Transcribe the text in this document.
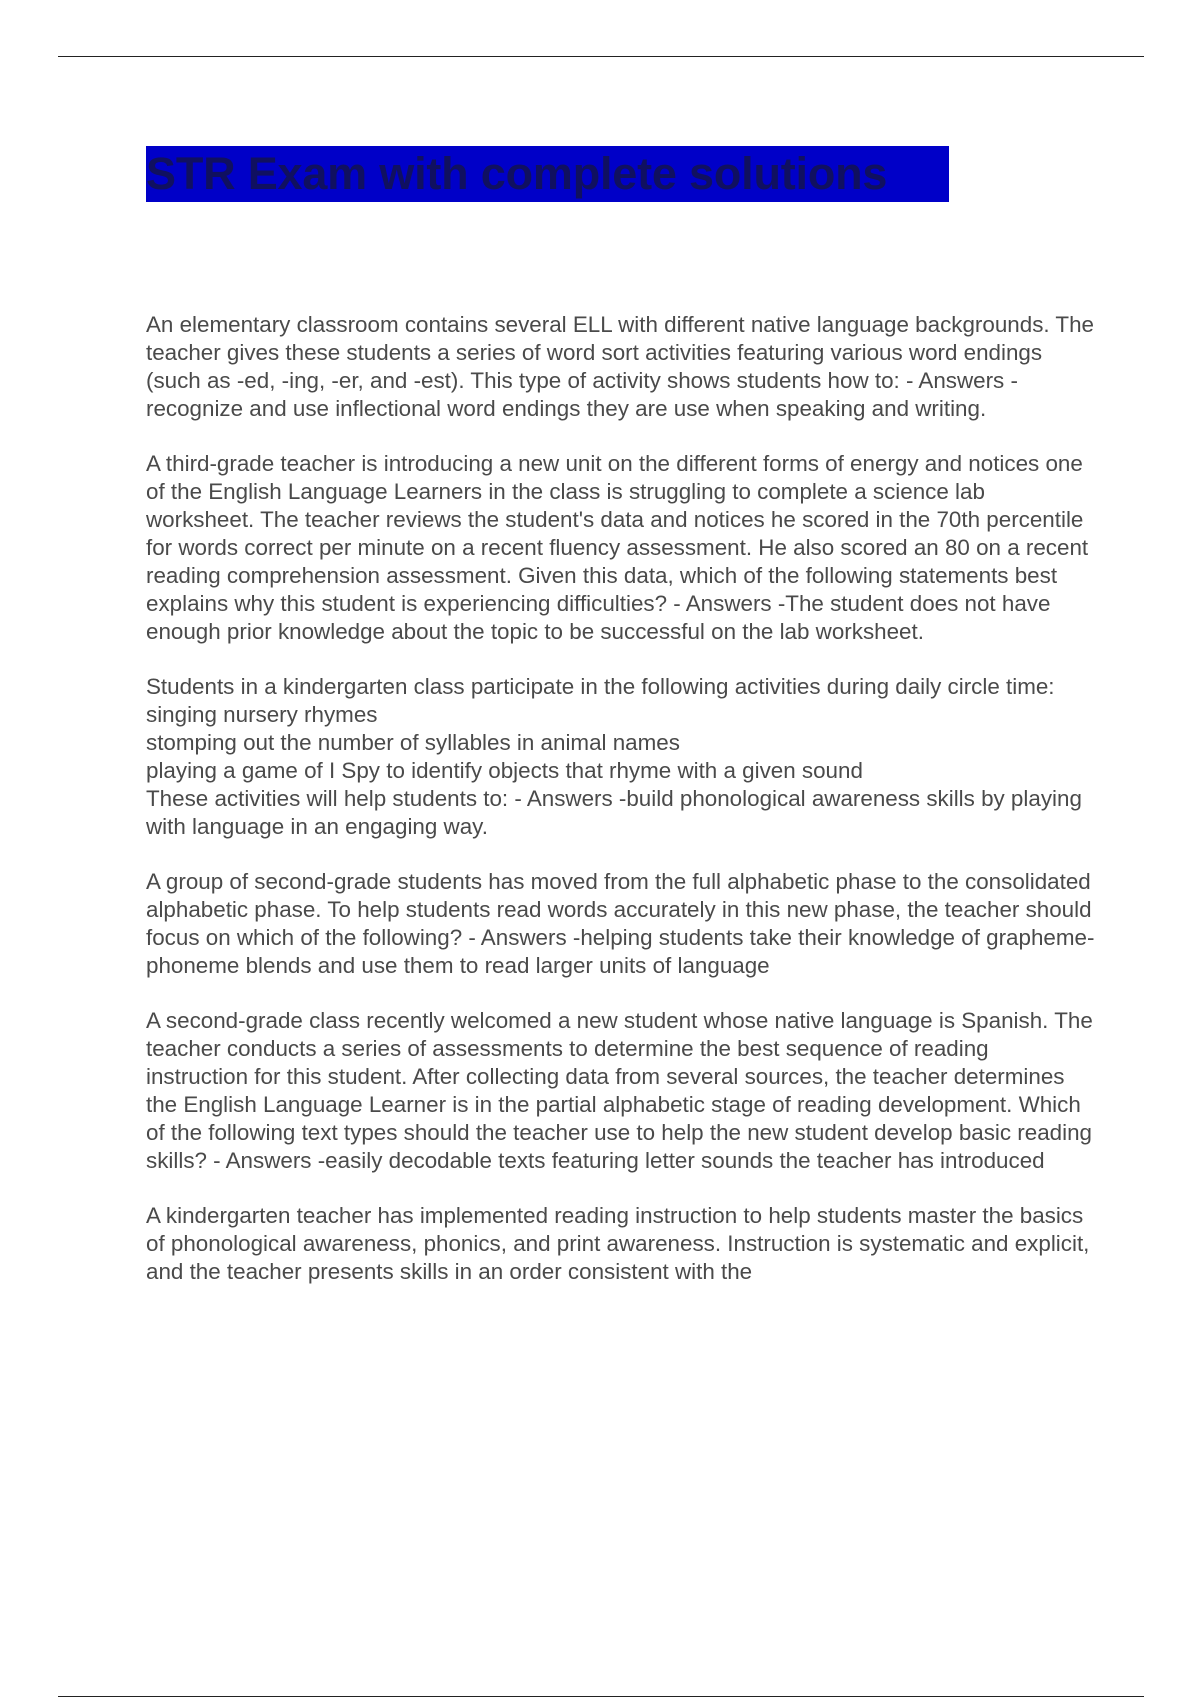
STR Exam with complete solutions

An elementary classroom contains several ELL with different native language backgrounds. The teacher gives these students a series of word sort activities featuring various word endings (such as -ed, -ing, -er, and -est). This type of activity shows students how to: - Answers -recognize and use inflectional word endings they are use when speaking and writing.

A third-grade teacher is introducing a new unit on the different forms of energy and notices one of the English Language Learners in the class is struggling to complete a science lab worksheet. The teacher reviews the student's data and notices he scored in the 70th percentile for words correct per minute on a recent fluency assessment. He also scored an 80 on a recent reading comprehension assessment. Given this data, which of the following statements best explains why this student is experiencing difficulties? - Answers -The student does not have enough prior knowledge about the topic to be successful on the lab worksheet.

Students in a kindergarten class participate in the following activities during daily circle time:
singing nursery rhymes
stomping out the number of syllables in animal names
playing a game of I Spy to identify objects that rhyme with a given sound
These activities will help students to: - Answers -build phonological awareness skills by playing with language in an engaging way.

A group of second-grade students has moved from the full alphabetic phase to the consolidated alphabetic phase. To help students read words accurately in this new phase, the teacher should focus on which of the following? - Answers -helping students take their knowledge of grapheme-phoneme blends and use them to read larger units of language

A second-grade class recently welcomed a new student whose native language is Spanish. The teacher conducts a series of assessments to determine the best sequence of reading instruction for this student. After collecting data from several sources, the teacher determines the English Language Learner is in the partial alphabetic stage of reading development. Which of the following text types should the teacher use to help the new student develop basic reading skills? - Answers -easily decodable texts featuring letter sounds the teacher has introduced

A kindergarten teacher has implemented reading instruction to help students master the basics of phonological awareness, phonics, and print awareness. Instruction is systematic and explicit, and the teacher presents skills in an order consistent with the
